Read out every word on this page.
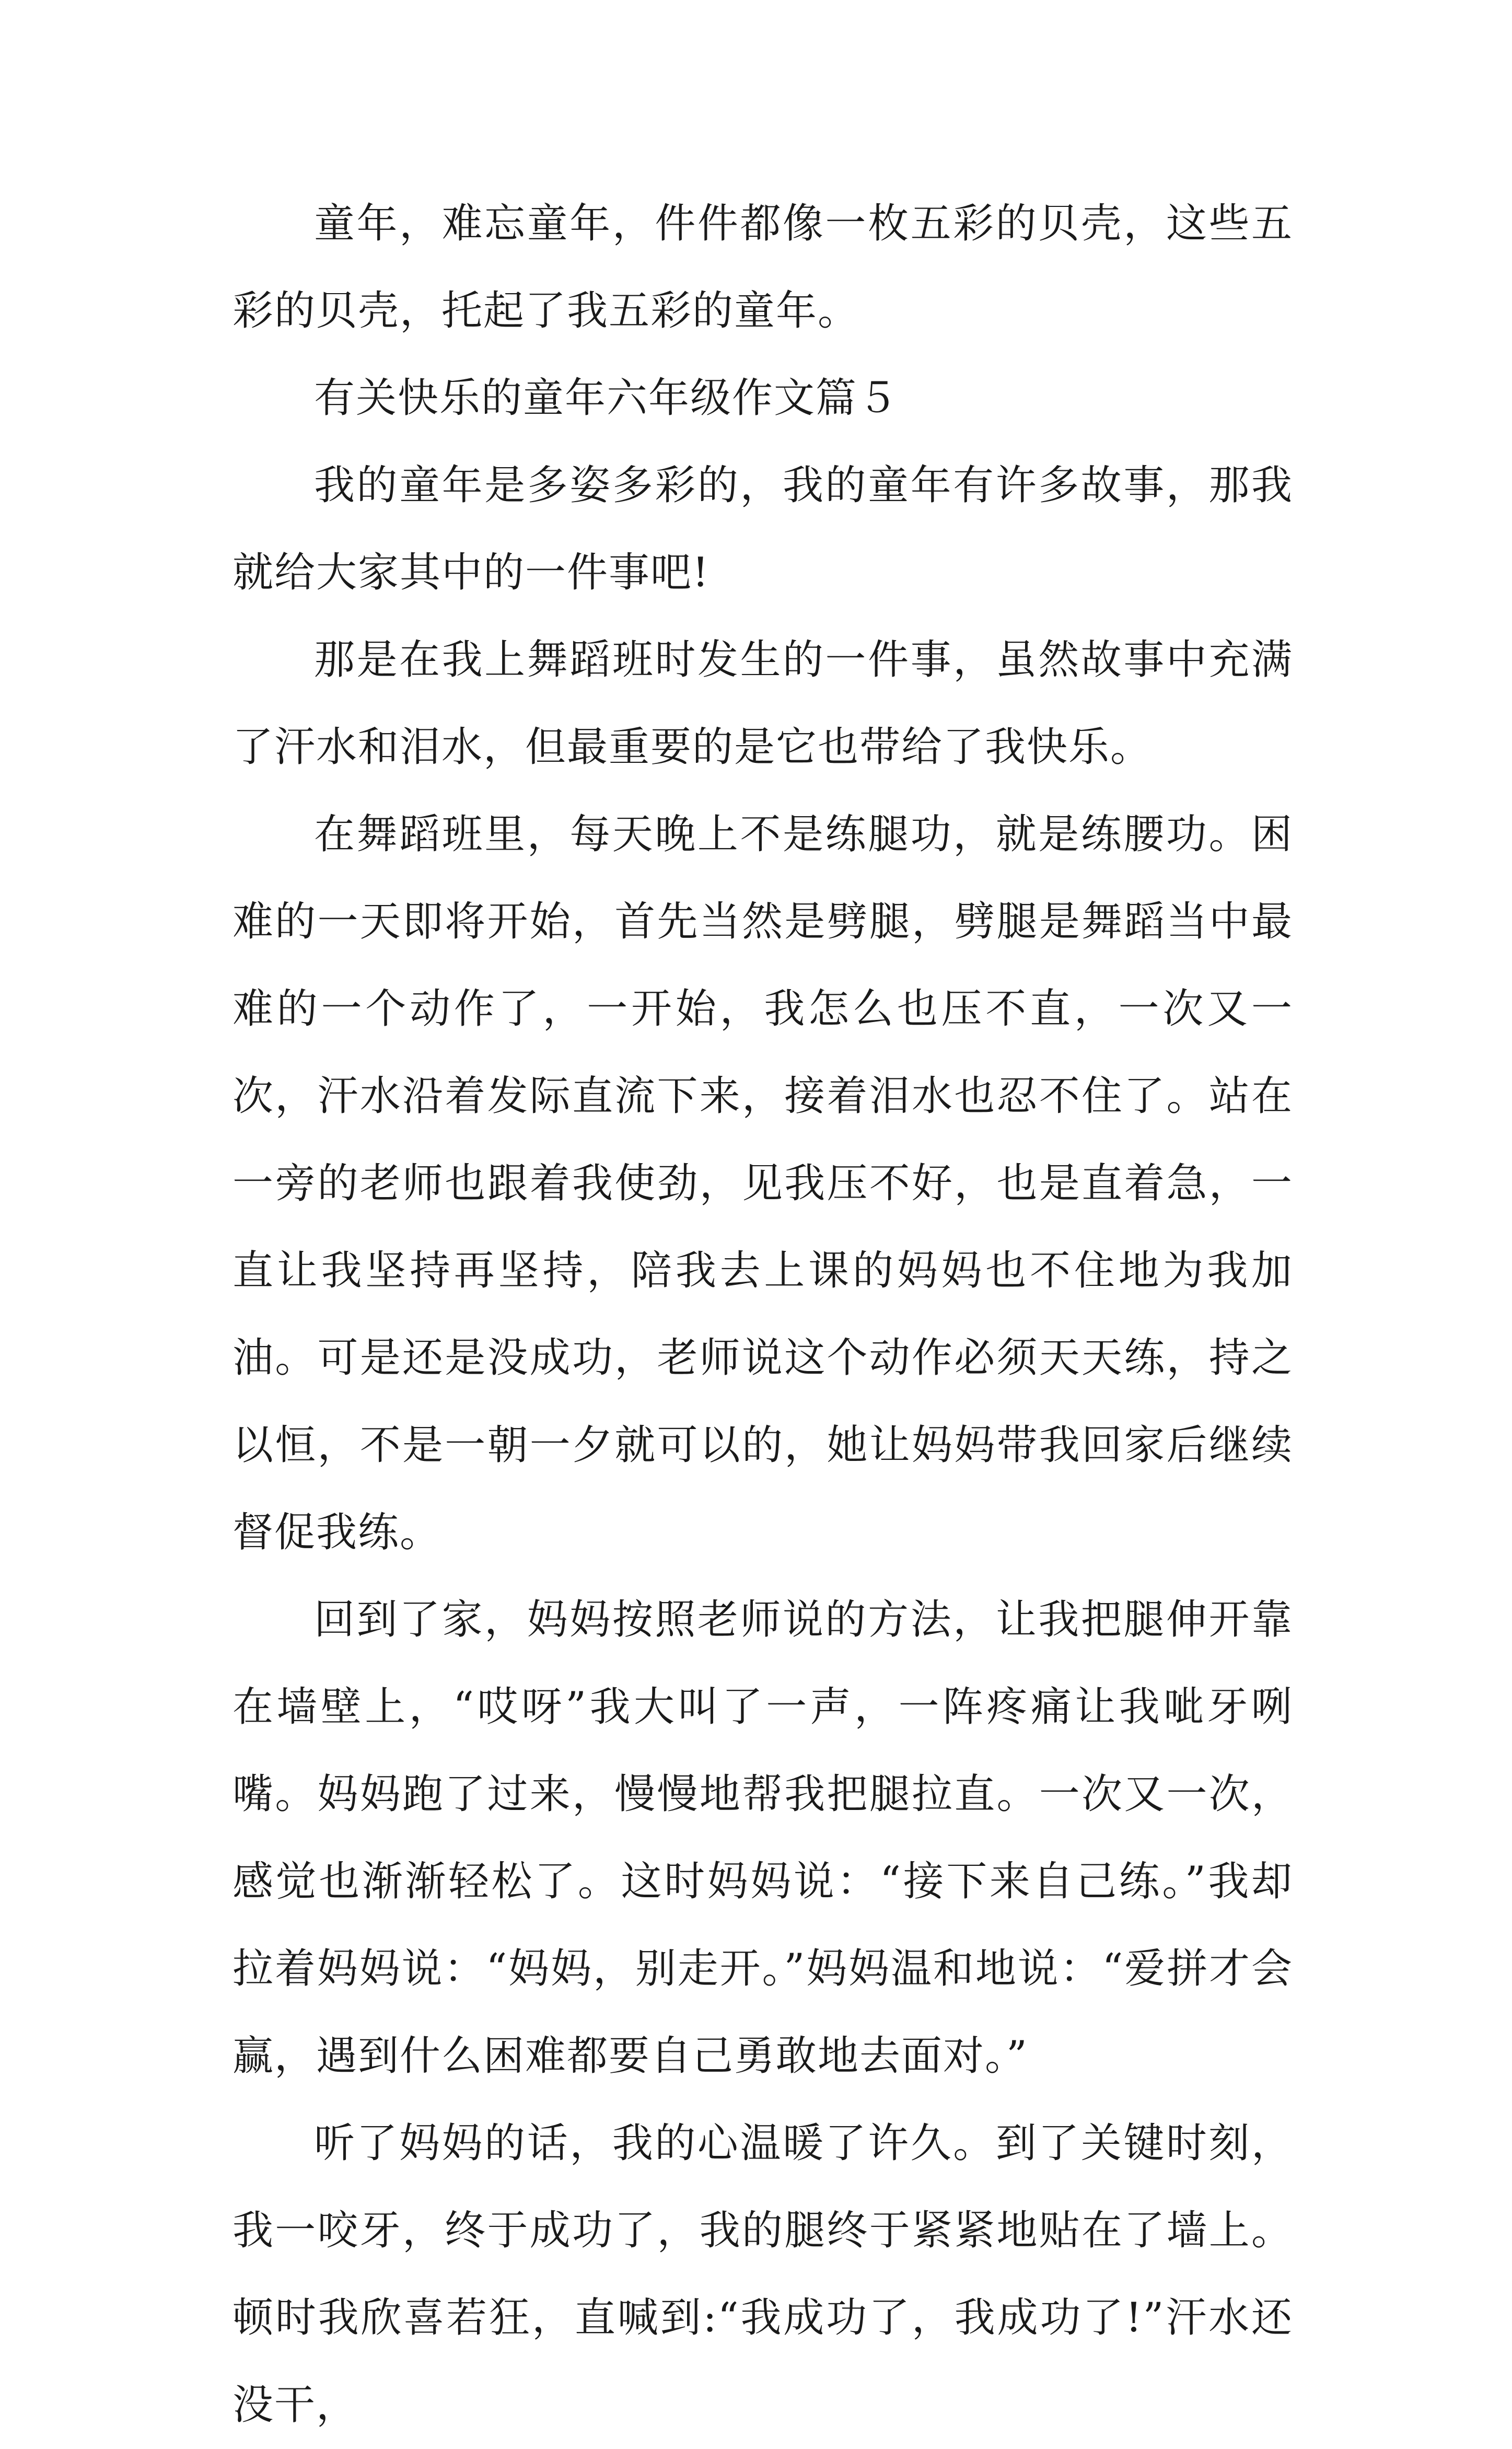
童年，难忘童年，件件都像一枚五彩的贝壳，这些五彩的贝壳，托起了我五彩的童年。

有关快乐的童年六年级作文篇５

我的童年是多姿多彩的，我的童年有许多故事，那我就给大家其中的一件事吧!

那是在我上舞蹈班时发生的一件事，虽然故事中充满了汗水和泪水，但最重要的是它也带给了我快乐。

在舞蹈班里，每天晚上不是练腿功，就是练腰功。困难的一天即将开始，首先当然是劈腿，劈腿是舞蹈当中最难的一个动作了，一开始，我怎么也压不直，一次又一次，汗水沿着发际直流下来，接着泪水也忍不住了。站在一旁的老师也跟着我使劲，见我压不好，也是直着急，一直让我坚持再坚持，陪我去上课的妈妈也不住地为我加油。可是还是没成功，老师说这个动作必须天天练，持之以恒，不是一朝一夕就可以的，她让妈妈带我回家后继续督促我练。

回到了家，妈妈按照老师说的方法，让我把腿伸开靠在墙壁上，“哎呀”我大叫了一声，一阵疼痛让我呲牙咧嘴。妈妈跑了过来，慢慢地帮我把腿拉直。一次又一次，感觉也渐渐轻松了。这时妈妈说：“接下来自己练。”我却拉着妈妈说：“妈妈，别走开。”妈妈温和地说：“爱拼才会赢，遇到什么困难都要自己勇敢地去面对。”

听了妈妈的话，我的心温暖了许久。到了关键时刻，我一咬牙，终于成功了，我的腿终于紧紧地贴在了墙上。顿时我欣喜若狂，直喊到:“我成功了，我成功了!”汗水还没干，
